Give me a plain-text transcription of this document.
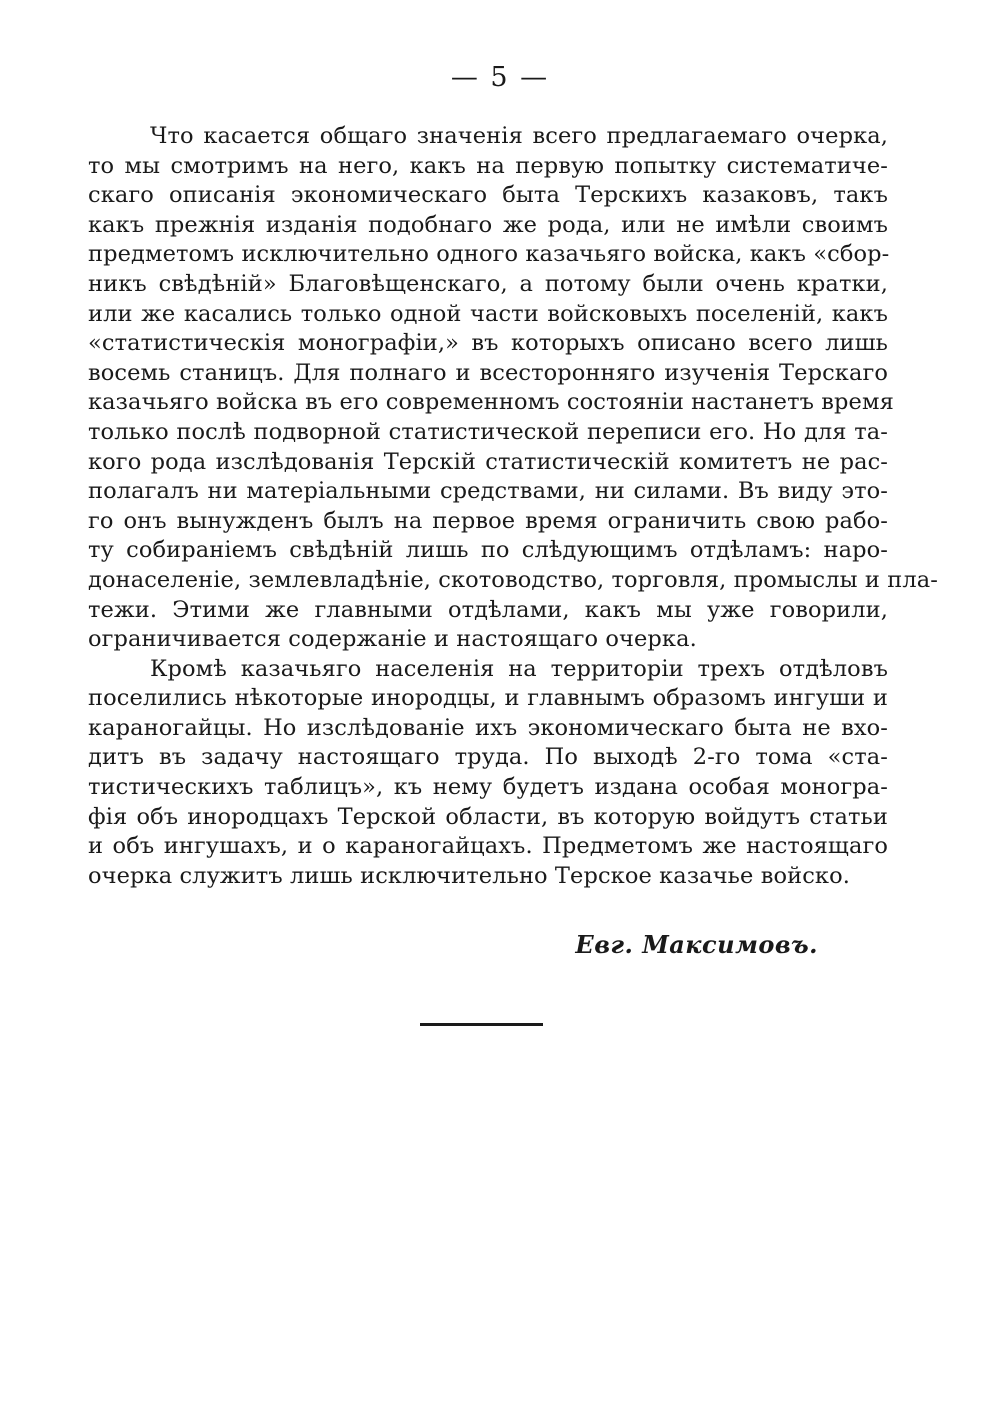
— 5 —
Что касается общаго значенія всего предлагаемаго очерка,
то мы смотримъ на него, какъ на первую попытку систематиче-
скаго описанія экономическаго быта Терскихъ казаковъ, такъ
какъ прежнія изданія подобнаго же рода, или не имѣли своимъ
предметомъ исключительно одного казачьяго войска, какъ «сбор-
никъ свѣдѣній» Благовѣщенскаго, а потому были очень кратки,
или же касались только одной части войсковыхъ поселеній, какъ
«статистическія монографіи,» въ которыхъ описано всего лишь
восемь станицъ. Для полнаго и всесторонняго изученія Терскаго
казачьяго войска въ его современномъ состояніи настанетъ время
только послѣ подворной статистической переписи его. Но для та-
кого рода изслѣдованія Терскій статистическій комитетъ не рас-
полагалъ ни матеріальными средствами, ни силами. Въ виду это-
го онъ вынужденъ былъ на первое время ограничить свою рабо-
ту собираніемъ свѣдѣній лишь по слѣдующимъ отдѣламъ: наро-
донаселеніе, землевладѣніе, скотоводство, торговля, промыслы и пла-
тежи. Этими же главными отдѣлами, какъ мы уже говорили,
ограничивается содержаніе и настоящаго очерка.
Кромѣ казачьяго населенія на территоріи трехъ отдѣловъ
поселились нѣкоторые инородцы, и главнымъ образомъ ингуши и
караногайцы. Но изслѣдованіе ихъ экономическаго быта не вхо-
дитъ въ задачу настоящаго труда. По выходѣ 2-го тома «ста-
тистическихъ таблицъ», къ нему будетъ издана особая моногра-
фія объ инородцахъ Терской области, въ которую войдутъ статьи
и объ ингушахъ, и о караногайцахъ. Предметомъ же настоящаго
очерка служитъ лишь исключительно Терское казачье войско.
Евг. Максимовъ.
